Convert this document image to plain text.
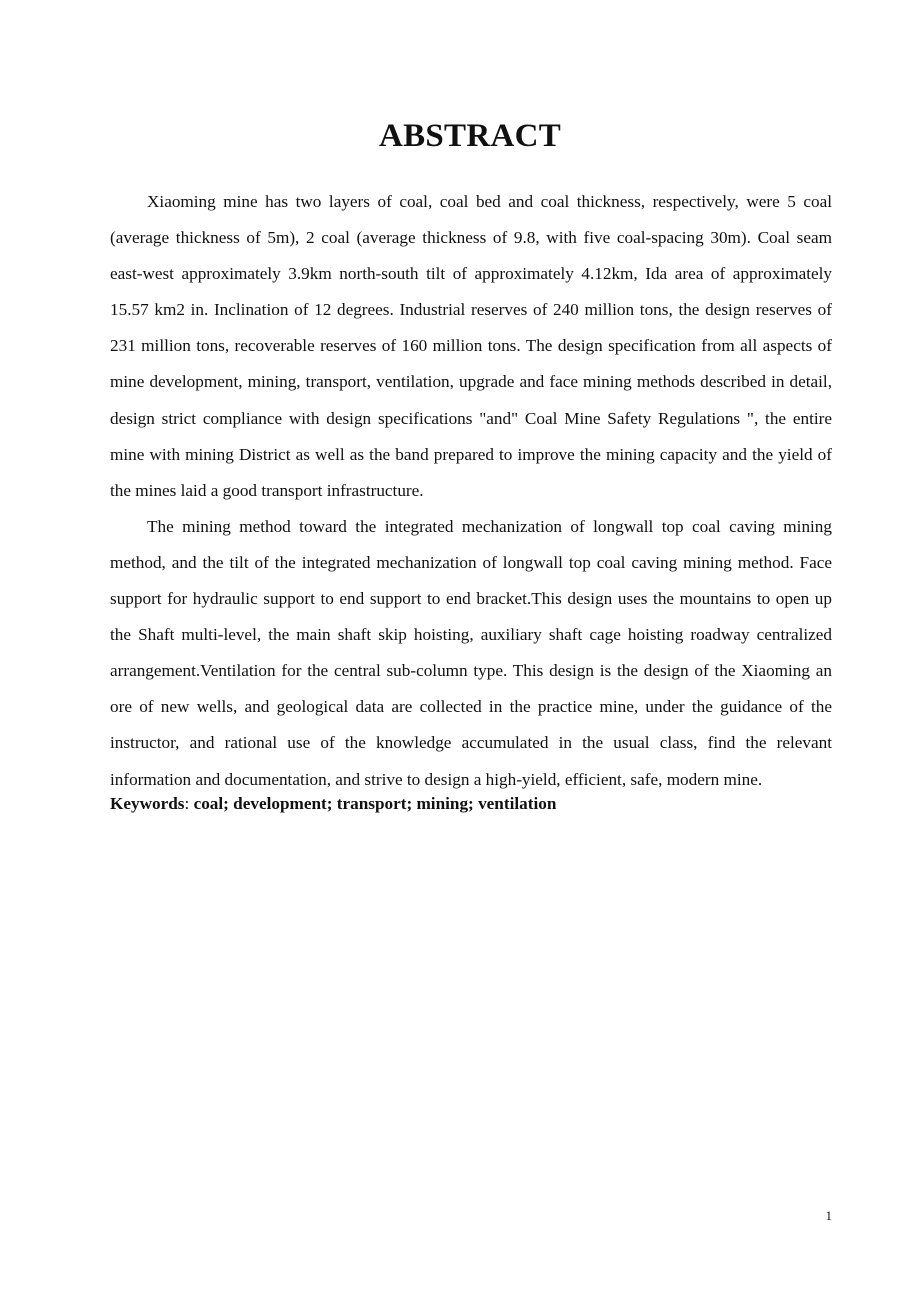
ABSTRACT

Xiaoming mine has two layers of coal, coal bed and coal thickness, respectively, were 5 coal (average thickness of 5m), 2 coal (average thickness of 9.8, with five coal-spacing 30m). Coal seam east-west approximately 3.9km north-south tilt of approximately 4.12km, Ida area of approximately 15.57 km2 in. Inclination of 12 degrees. Industrial reserves of 240 million tons, the design reserves of 231 million tons, recoverable reserves of 160 million tons. The design specification from all aspects of mine development, mining, transport, ventilation, upgrade and face mining methods described in detail, design strict compliance with design specifications "and" Coal Mine Safety Regulations ", the entire mine with mining District as well as the band prepared to improve the mining capacity and the yield of the mines laid a good transport infrastructure.

The mining method toward the integrated mechanization of longwall top coal caving mining method, and the tilt of the integrated mechanization of longwall top coal caving mining method. Face support for hydraulic support to end support to end bracket.This design uses the mountains to open up the Shaft multi-level, the main shaft skip hoisting, auxiliary shaft cage hoisting roadway centralized arrangement.Ventilation for the central sub-column type. This design is the design of the Xiaoming an ore of new wells, and geological data are collected in the practice mine, under the guidance of the instructor, and rational use of the knowledge accumulated in the usual class, find the relevant information and documentation, and strive to design a high-yield, efficient, safe, modern mine.

Keywords: coal; development; transport; mining; ventilation

1
